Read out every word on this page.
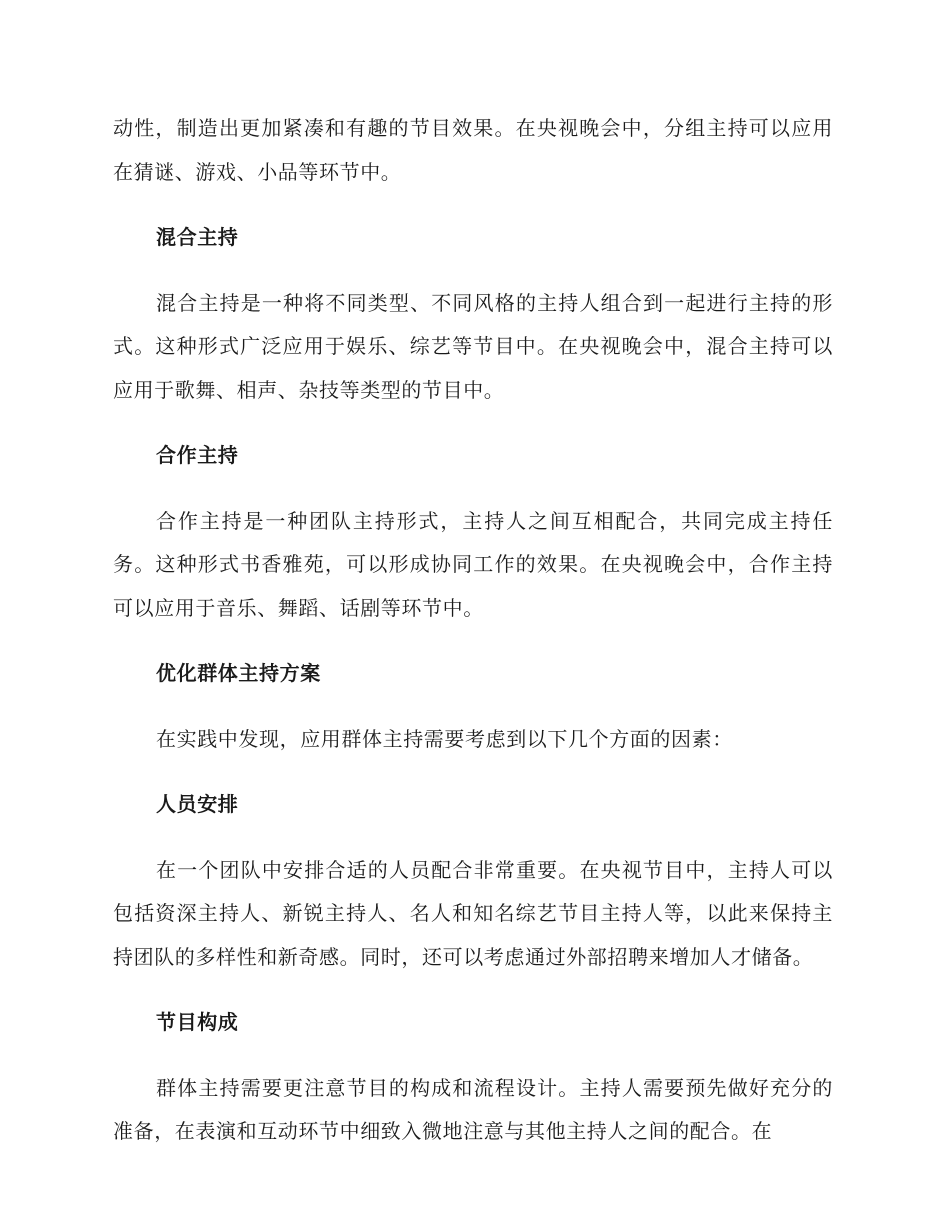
动性，制造出更加紧凑和有趣的节目效果。在央视晚会中，分组主持可以应用在猜谜、游戏、小品等环节中。

混合主持

混合主持是一种将不同类型、不同风格的主持人组合到一起进行主持的形式。这种形式广泛应用于娱乐、综艺等节目中。在央视晚会中，混合主持可以应用于歌舞、相声、杂技等类型的节目中。

合作主持

合作主持是一种团队主持形式，主持人之间互相配合，共同完成主持任务。这种形式书香雅苑，可以形成协同工作的效果。在央视晚会中，合作主持可以应用于音乐、舞蹈、话剧等环节中。

优化群体主持方案

在实践中发现，应用群体主持需要考虑到以下几个方面的因素：

人员安排

在一个团队中安排合适的人员配合非常重要。在央视节目中，主持人可以包括资深主持人、新锐主持人、名人和知名综艺节目主持人等，以此来保持主持团队的多样性和新奇感。同时，还可以考虑通过外部招聘来增加人才储备。

节目构成

群体主持需要更注意节目的构成和流程设计。主持人需要预先做好充分的准备，在表演和互动环节中细致入微地注意与其他主持人之间的配合。在
